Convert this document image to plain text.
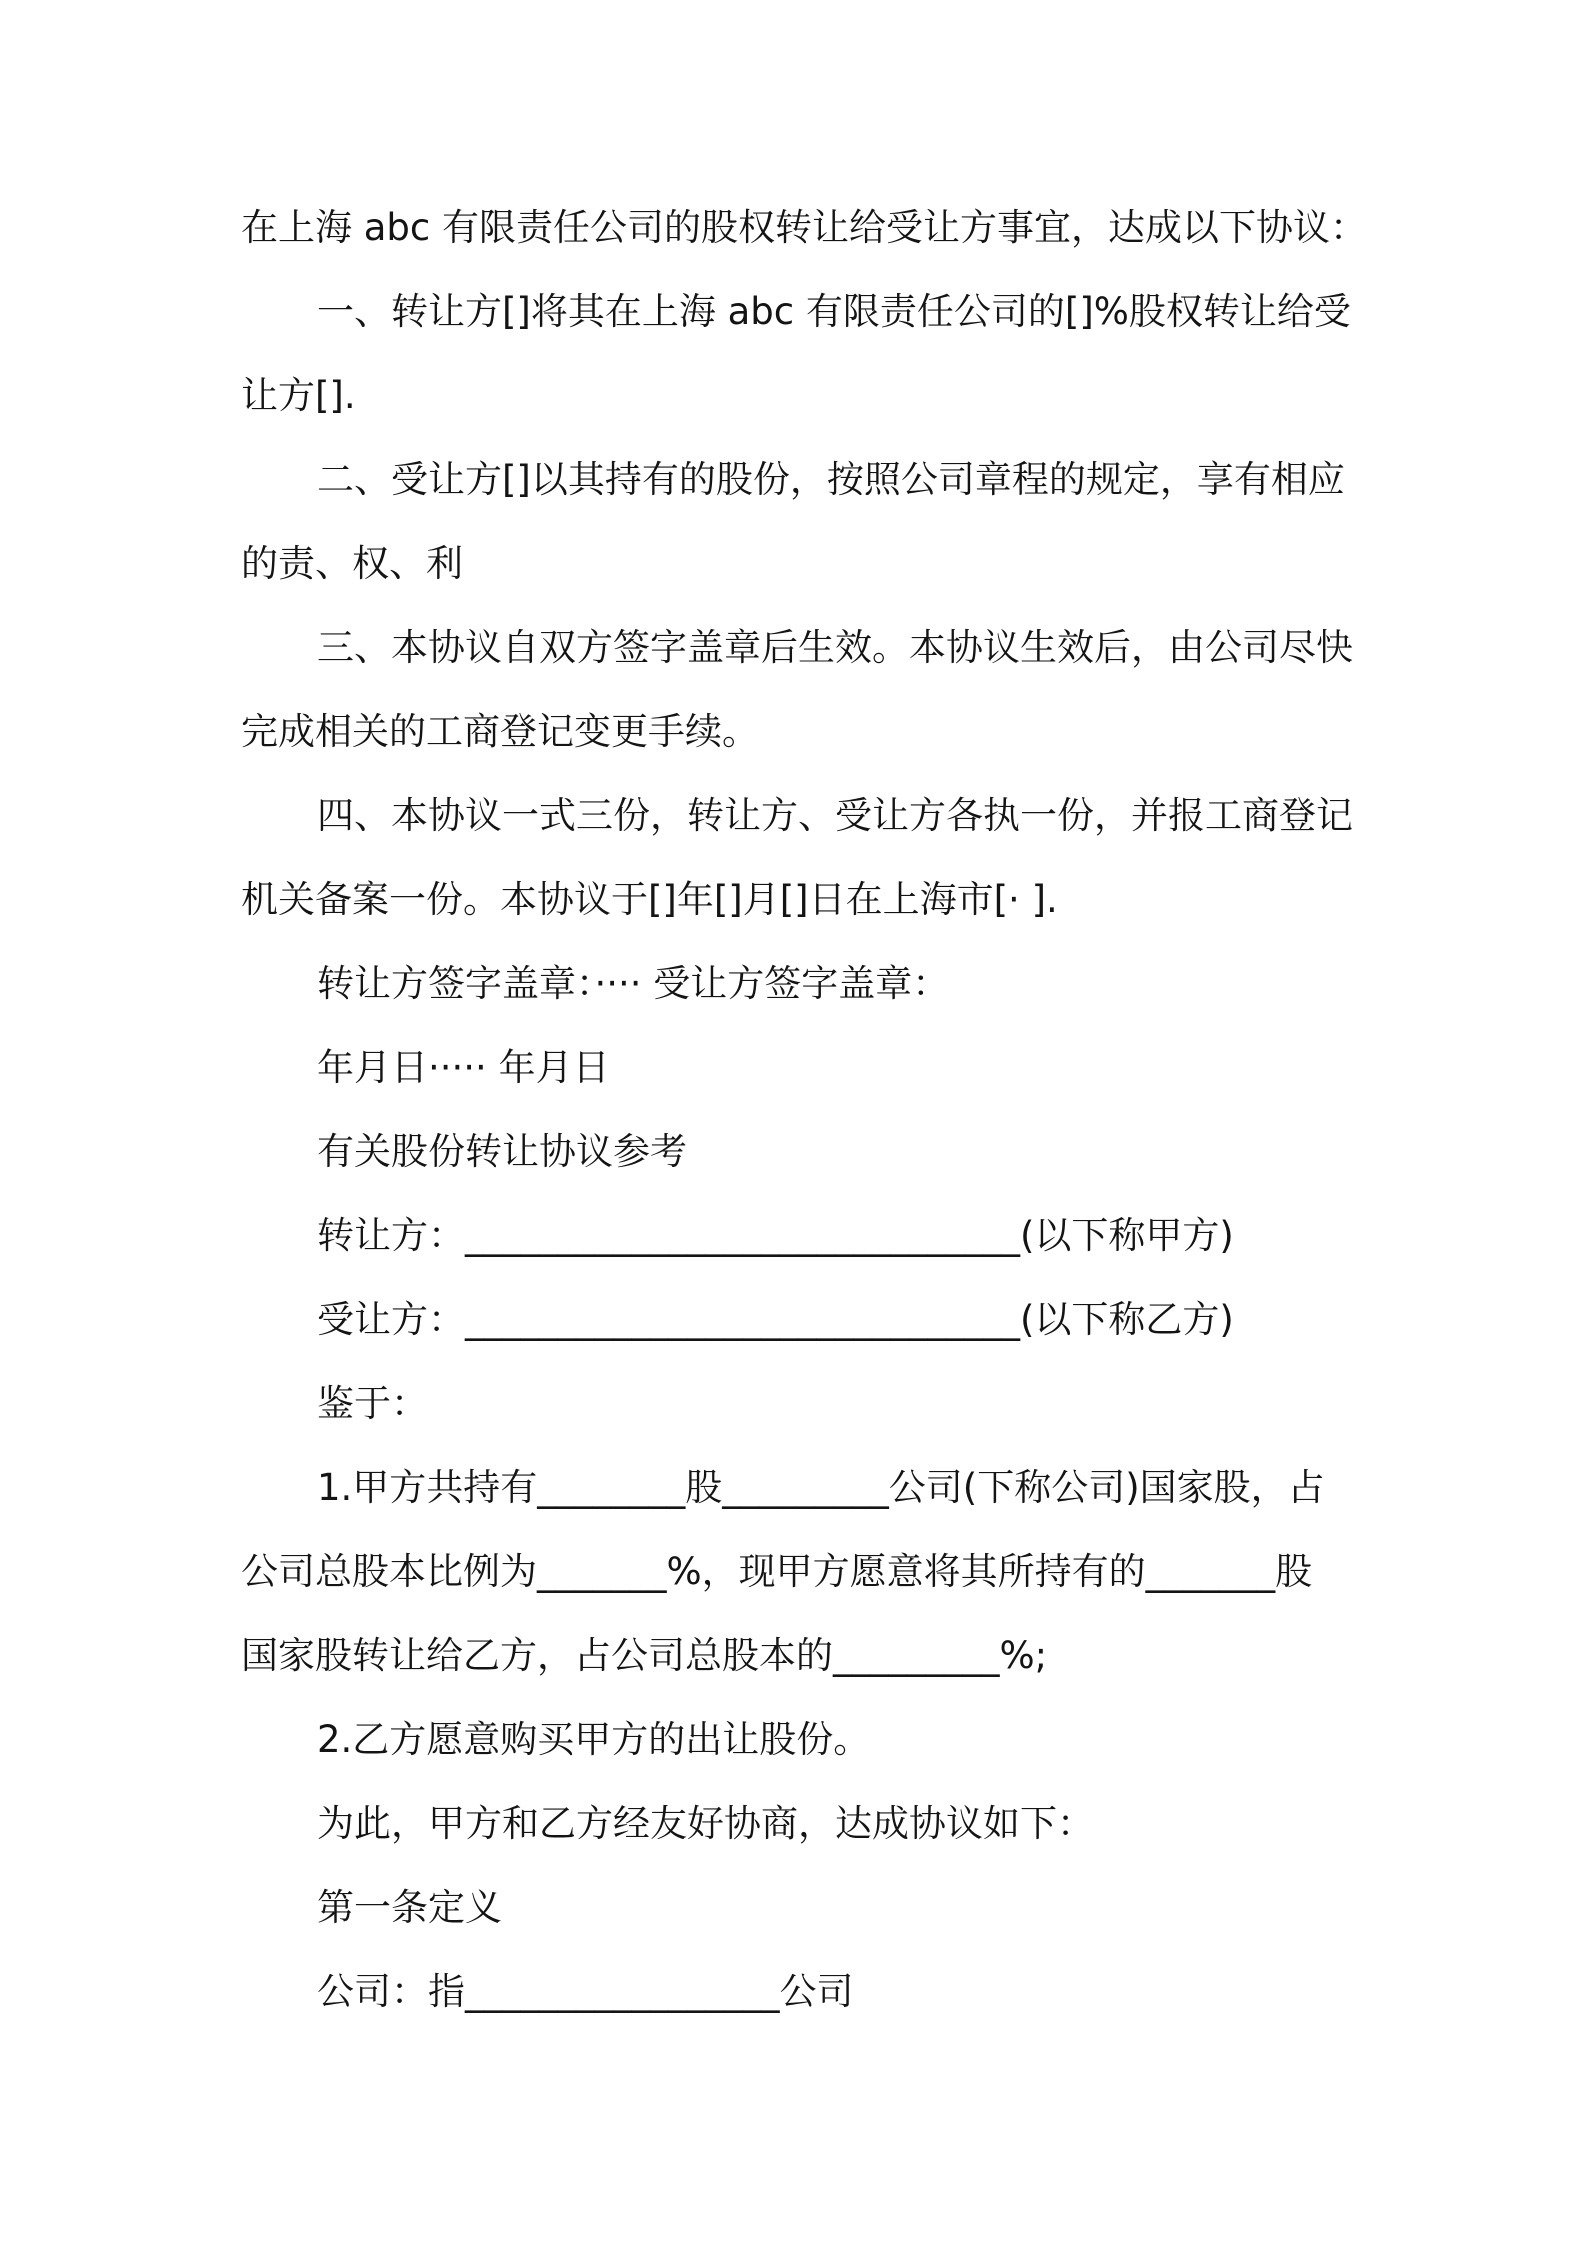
在上海 abc 有限责任公司的股权转让给受让方事宜，达成以下协议：
一、转让方[]将其在上海 abc 有限责任公司的[]%股权转让给受
让方[].
二、受让方[]以其持有的股份，按照公司章程的规定，享有相应
的责、权、利
三、本协议自双方签字盖章后生效。本协议生效后，由公司尽快
完成相关的工商登记变更手续。
四、本协议一式三份，转让方、受让方各执一份，并报工商登记
机关备案一份。本协议于[]年[]月[]日在上海市[· ].
转让方签字盖章：···· 受让方签字盖章：
年月日····· 年月日
有关股份转让协议参考
转让方：______________________________(以下称甲方)
受让方：______________________________(以下称乙方)
鉴于：
1.甲方共持有________股_________公司(下称公司)国家股，占
公司总股本比例为_______%，现甲方愿意将其所持有的_______股
国家股转让给乙方，占公司总股本的_________%;
2.乙方愿意购买甲方的出让股份。
为此，甲方和乙方经友好协商，达成协议如下：
第一条定义
公司：指_________________公司
